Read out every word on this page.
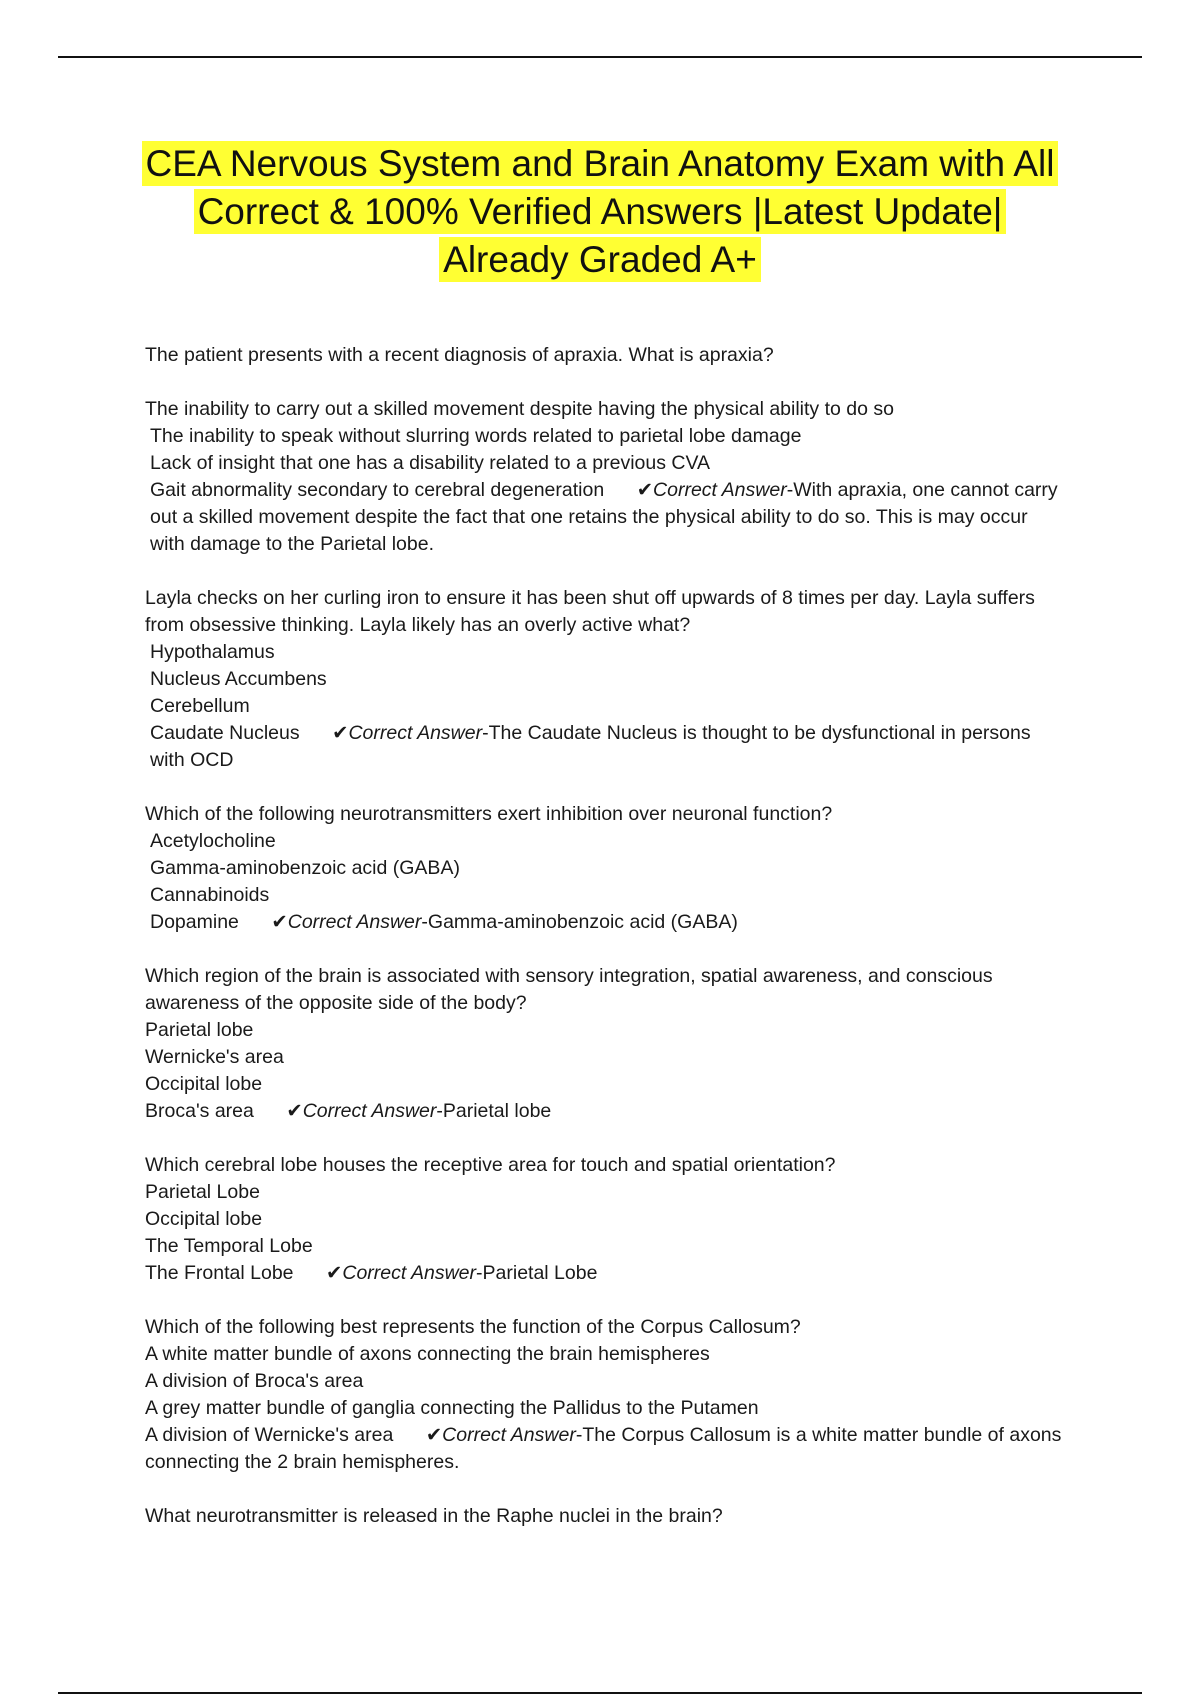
CEA Nervous System and Brain Anatomy Exam with All
Correct & 100% Verified Answers |Latest Update|
Already Graded A+
The patient presents with a recent diagnosis of apraxia. What is apraxia?
The inability to carry out a skilled movement despite having the physical ability to do so
The inability to speak without slurring words related to parietal lobe damage
Lack of insight that one has a disability related to a previous CVA
Gait abnormality secondary to cerebral degeneration ✔Correct Answer-With apraxia, one cannot carry out a skilled movement despite the fact that one retains the physical ability to do so. This is may occur with damage to the Parietal lobe.
Layla checks on her curling iron to ensure it has been shut off upwards of 8 times per day. Layla suffers from obsessive thinking. Layla likely has an overly active what?
Hypothalamus
Nucleus Accumbens
Cerebellum
Caudate Nucleus ✔Correct Answer-The Caudate Nucleus is thought to be dysfunctional in persons with OCD
Which of the following neurotransmitters exert inhibition over neuronal function?
Acetylocholine
Gamma-aminobenzoic acid (GABA)
Cannabinoids
Dopamine ✔Correct Answer-Gamma-aminobenzoic acid (GABA)
Which region of the brain is associated with sensory integration, spatial awareness, and conscious awareness of the opposite side of the body?
Parietal lobe
Wernicke's area
Occipital lobe
Broca's area ✔Correct Answer-Parietal lobe
Which cerebral lobe houses the receptive area for touch and spatial orientation?
Parietal Lobe
Occipital lobe
The Temporal Lobe
The Frontal Lobe ✔Correct Answer-Parietal Lobe
Which of the following best represents the function of the Corpus Callosum?
A white matter bundle of axons connecting the brain hemispheres
A division of Broca's area
A grey matter bundle of ganglia connecting the Pallidus to the Putamen
A division of Wernicke's area ✔Correct Answer-The Corpus Callosum is a white matter bundle of axons connecting the 2 brain hemispheres.
What neurotransmitter is released in the Raphe nuclei in the brain?
